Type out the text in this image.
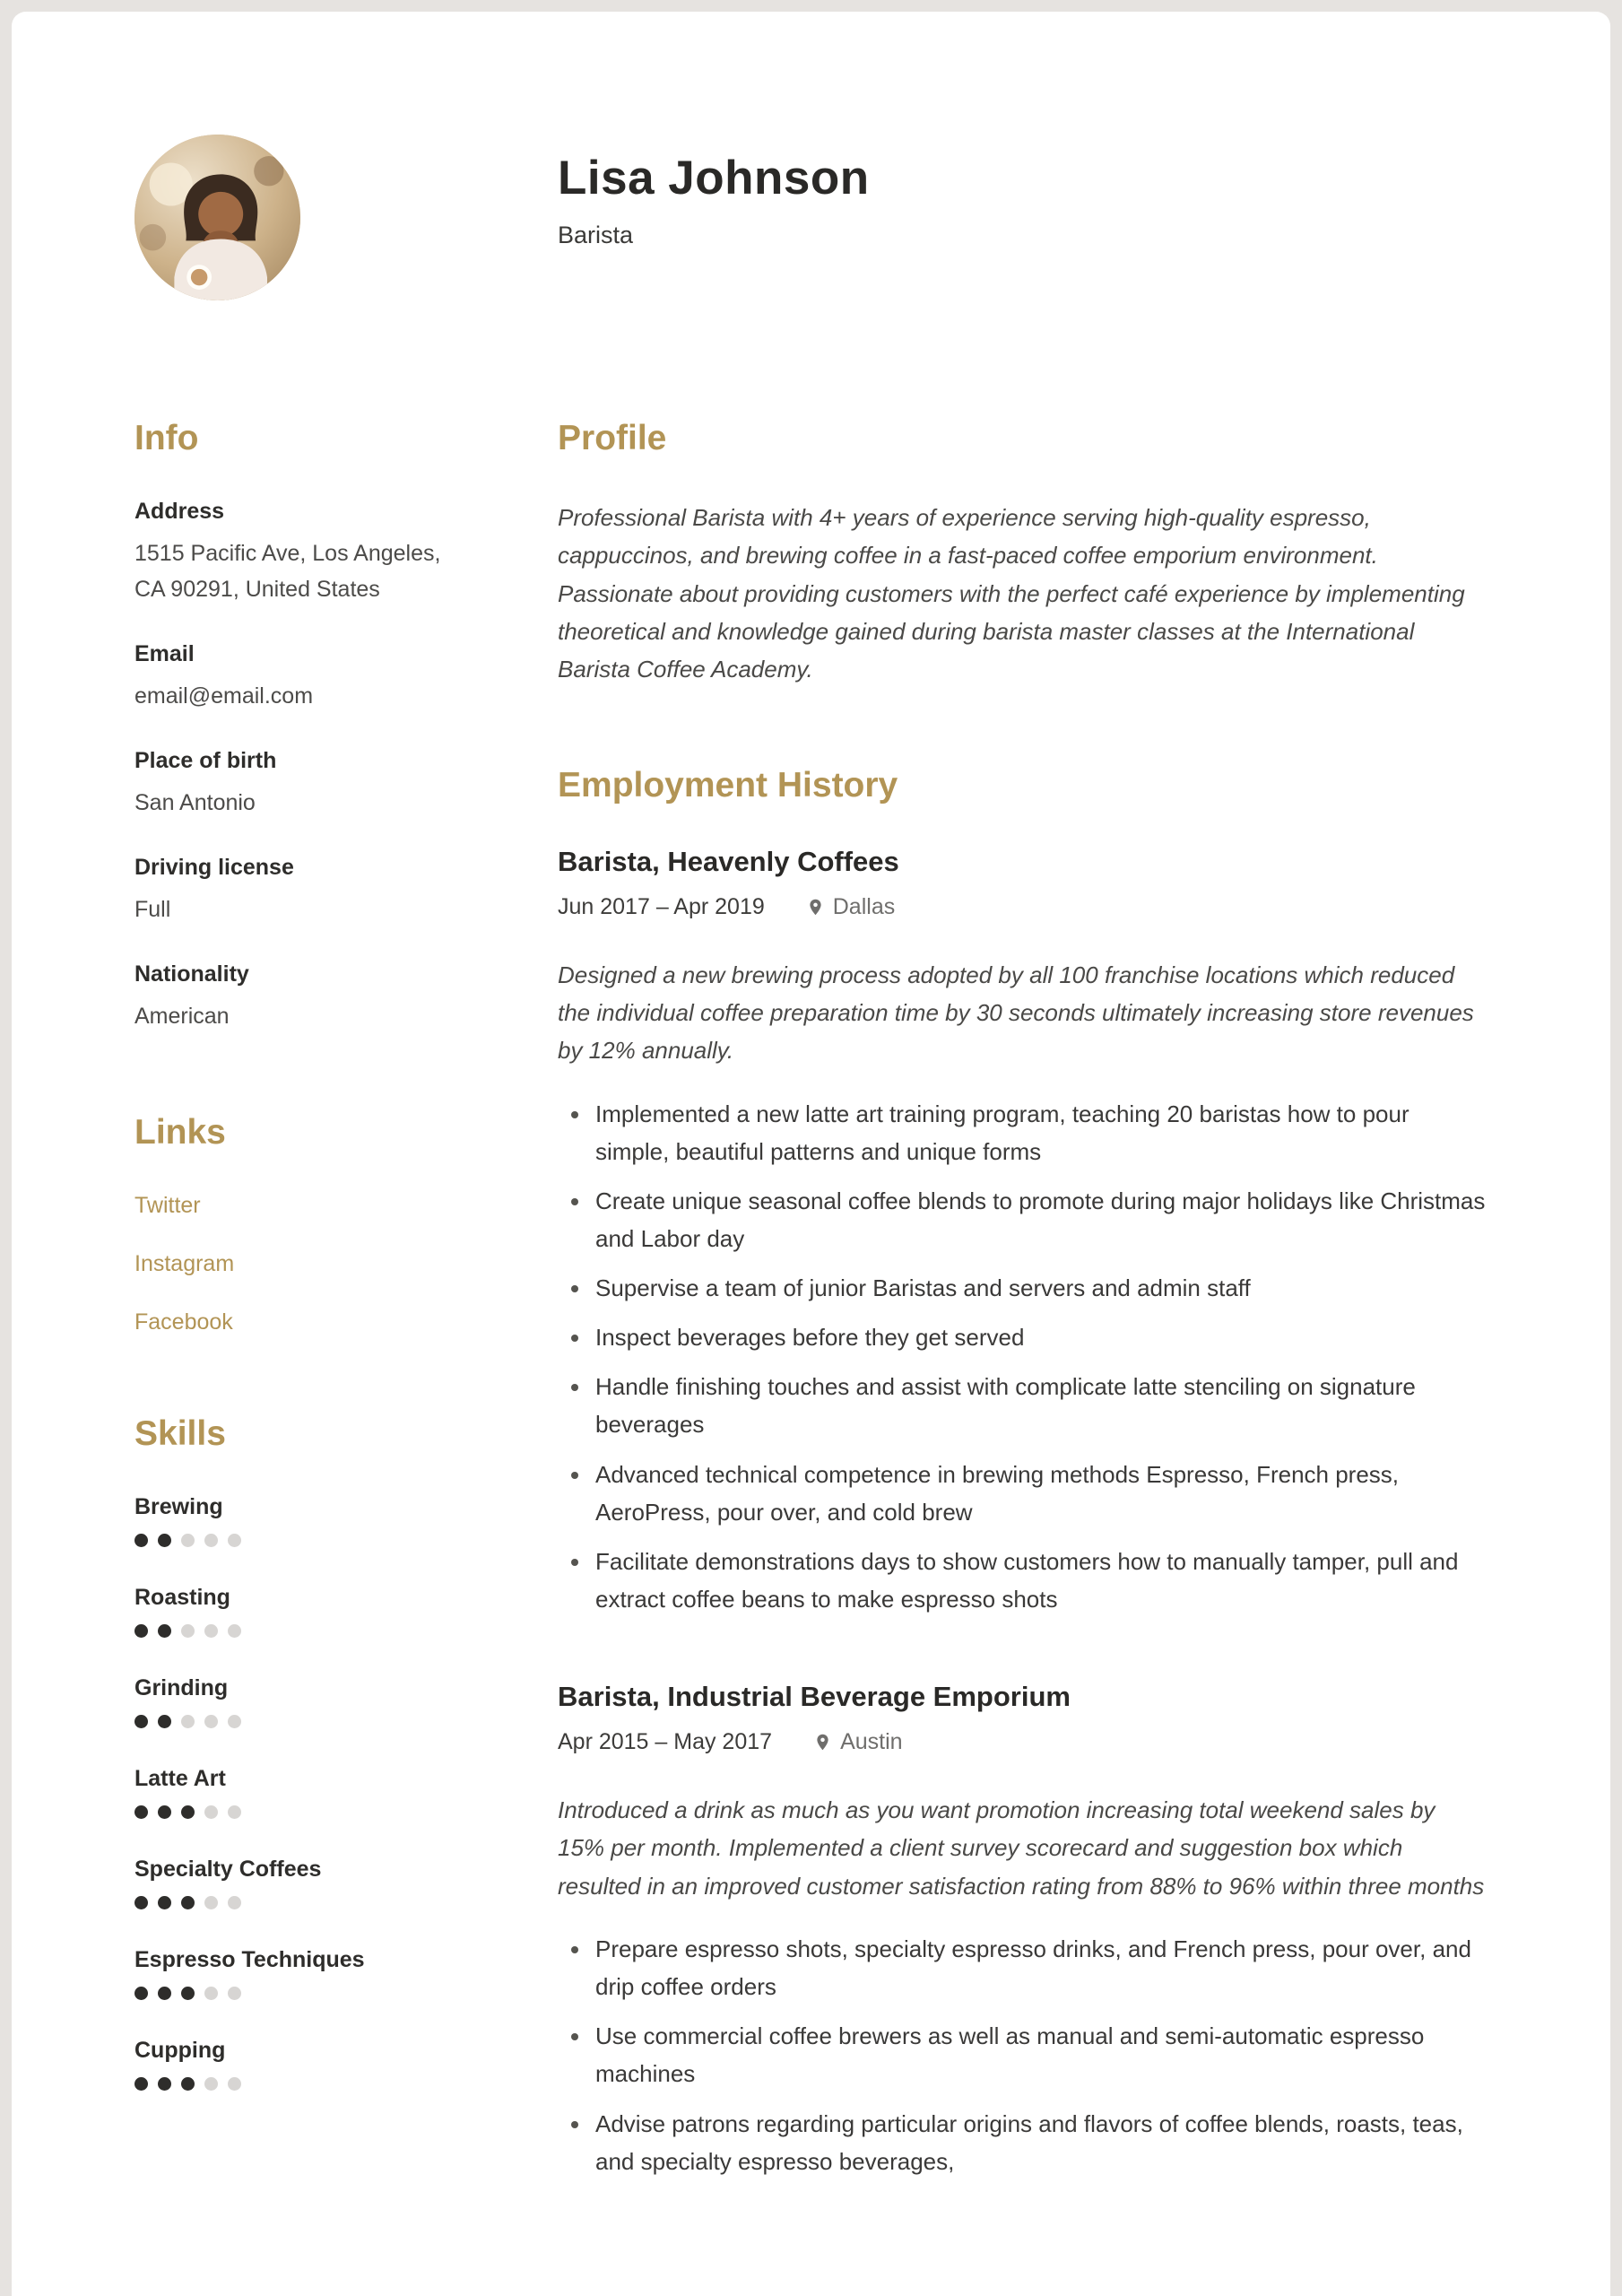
Lisa Johnson
Barista
Info
Address
1515 Pacific Ave, Los Angeles, CA 90291, United States
Email
email@email.com
Place of birth
San Antonio
Driving license
Full
Nationality
American
Links
Twitter
Instagram
Facebook
Skills
Brewing
Roasting
Grinding
Latte Art
Specialty Coffees
Espresso Techniques
Cupping
Profile

Professional Barista with 4+ years of experience serving high-quality espresso, cappuccinos, and brewing coffee in a fast-paced coffee emporium environment. Passionate about providing customers with the perfect café experience by implementing theoretical and knowledge gained during barista master classes at the International Barista Coffee Academy.

Employment History
Barista, Heavenly Coffees
Jun 2017 – Apr 2019	Dallas

Designed a new brewing process adopted by all 100 franchise locations which reduced the individual coffee preparation time by 30 seconds ultimately increasing store revenues by 12% annually.

• Implemented a new latte art training program, teaching 20 baristas how to pour simple, beautiful patterns and unique forms
• Create unique seasonal coffee blends to promote during major holidays like Christmas and Labor day
• Supervise a team of junior Baristas and servers and admin staff
• Inspect beverages before they get served
• Handle finishing touches and assist with complicate latte stenciling on signature beverages
• Advanced technical competence in brewing methods Espresso, French press, AeroPress, pour over, and cold brew
• Facilitate demonstrations days to show customers how to manually tamper, pull and extract coffee beans to make espresso shots
Barista, Industrial Beverage Emporium
Apr 2015 – May 2017	Austin

Introduced a drink as much as you want promotion increasing total weekend sales by 15% per month. Implemented a client survey scorecard and suggestion box which resulted in an improved customer satisfaction rating from 88% to 96% within three months

• Prepare espresso shots, specialty espresso drinks, and French press, pour over, and drip coffee orders
• Use commercial coffee brewers as well as manual and semi-automatic espresso machines
• Advise patrons regarding particular origins and flavors of coffee blends, roasts, teas, and specialty espresso beverages,
